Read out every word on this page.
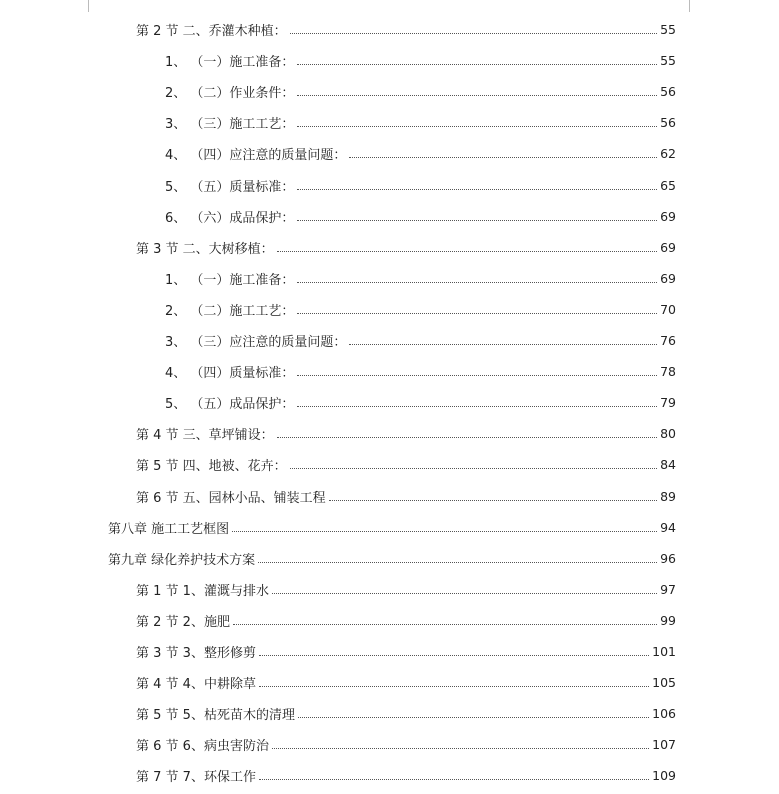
第 2 节 二、乔灌木种植：	55
1、 （一）施工准备：	55
2、 （二）作业条件：	56
3、 （三）施工工艺：	56
4、 （四）应注意的质量问题：	62
5、 （五）质量标准：	65
6、 （六）成品保护：	69
第 3 节 二、大树移植：	69
1、 （一）施工准备：	69
2、 （二）施工工艺：	70
3、 （三）应注意的质量问题：	76
4、 （四）质量标准：	78
5、 （五）成品保护：	79
第 4 节 三、草坪铺设：	80
第 5 节 四、地被、花卉：	84
第 6 节 五、园林小品、铺装工程	89
第八章 施工工艺框图	94
第九章 绿化养护技术方案	96
第 1 节 1、灌溉与排水	97
第 2 节 2、施肥	99
第 3 节 3、整形修剪	101
第 4 节 4、中耕除草	105
第 5 节 5、枯死苗木的清理	106
第 6 节 6、病虫害防治	107
第 7 节 7、环保工作	109
